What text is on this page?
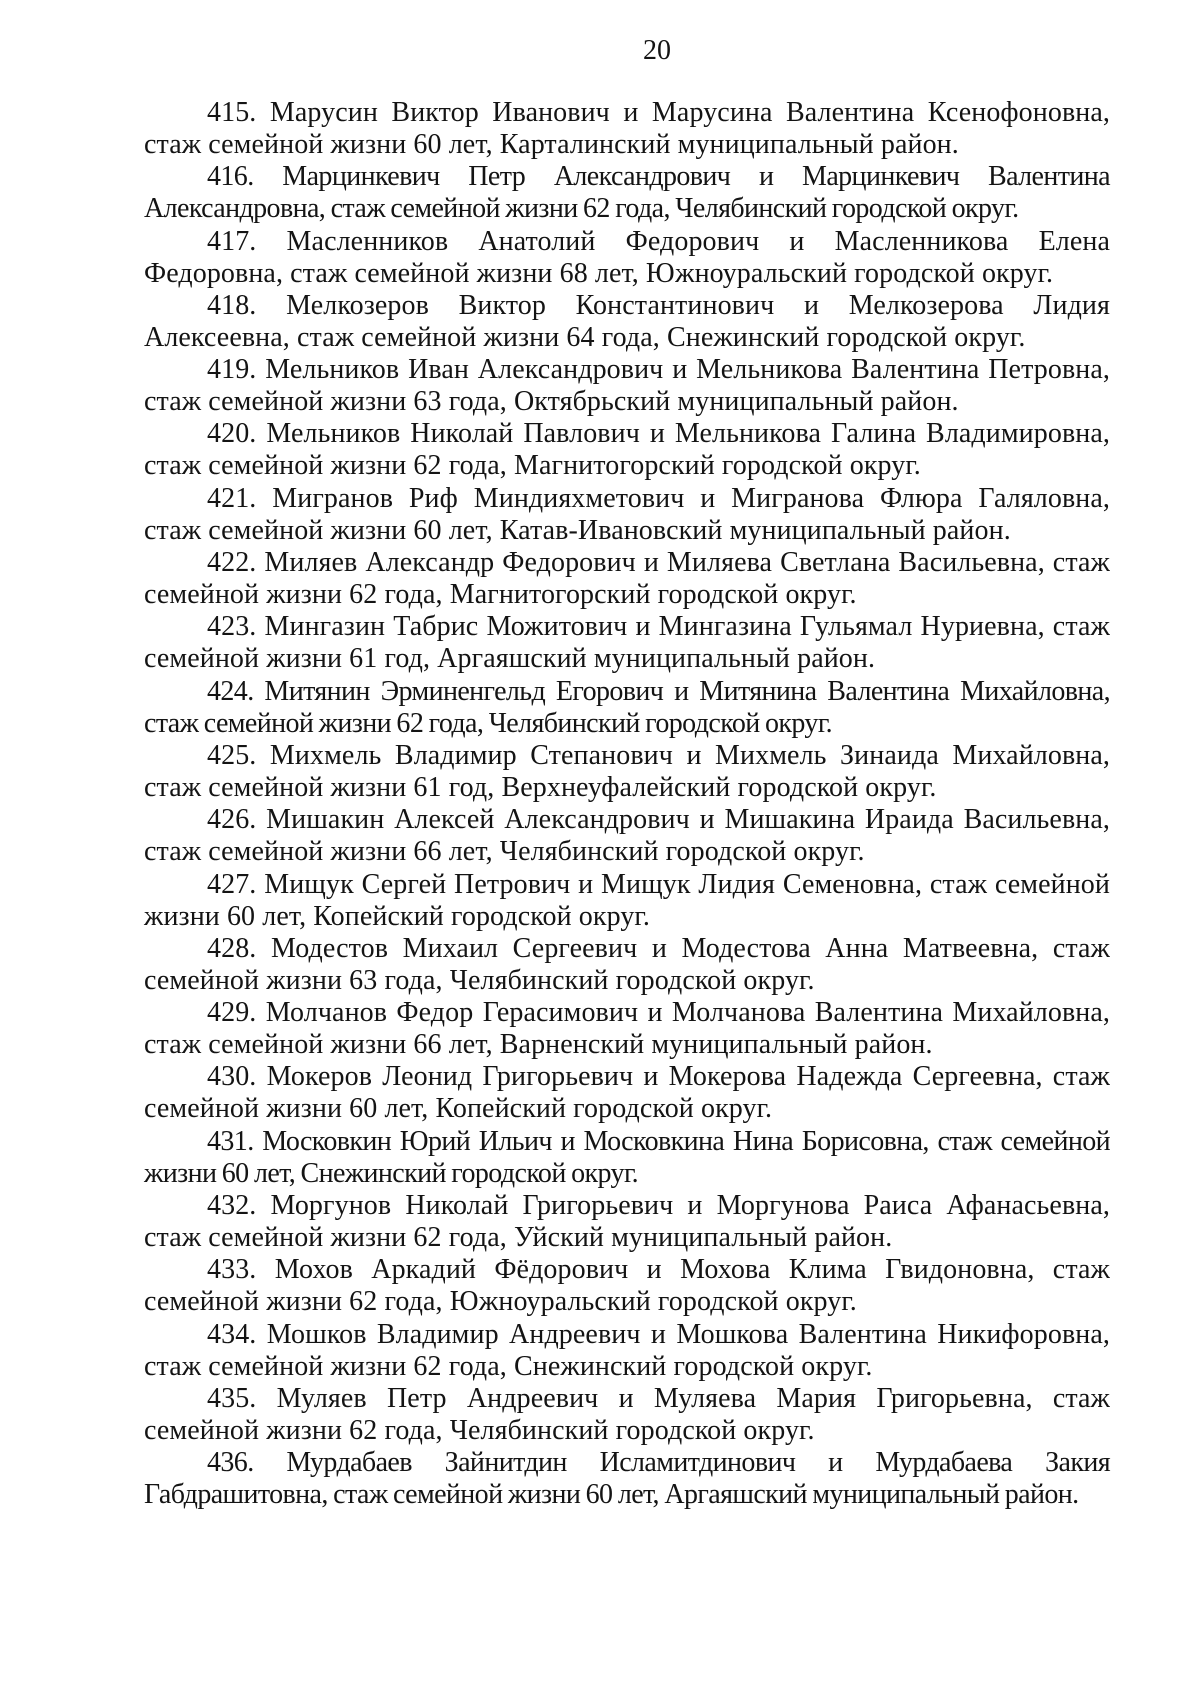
20

415. Марусин Виктор Иванович и Марусина Валентина Ксенофоновна, стаж семейной жизни 60 лет, Карталинский муниципальный район.

416. Марцинкевич Петр Александрович и Марцинкевич Валентина Александровна, стаж семейной жизни 62 года, Челябинский городской округ.

417. Масленников Анатолий Федорович и Масленникова Елена Федоровна, стаж семейной жизни 68 лет, Южноуральский городской округ.

418. Мелкозеров Виктор Константинович и Мелкозерова Лидия Алексеевна, стаж семейной жизни 64 года, Снежинский городской округ.

419. Мельников Иван Александрович и Мельникова Валентина Петровна, стаж семейной жизни 63 года, Октябрьский муниципальный район.

420. Мельников Николай Павлович и Мельникова Галина Владимировна, стаж семейной жизни 62 года, Магнитогорский городской округ.

421. Мигранов Риф Миндияхметович и Мигранова Флюра Галяловна, стаж семейной жизни 60 лет, Катав-Ивановский муниципальный район.

422. Миляев Александр Федорович и Миляева Светлана Васильевна, стаж семейной жизни 62 года, Магнитогорский городской округ.

423. Мингазин Табрис Можитович и Мингазина Гульямал Нуриевна, стаж семейной жизни 61 год, Аргаяшский муниципальный район.

424. Митянин Эрминенгельд Егорович и Митянина Валентина Михайловна, стаж семейной жизни 62 года, Челябинский городской округ.

425. Михмель Владимир Степанович и Михмель Зинаида Михайловна, стаж семейной жизни 61 год, Верхнеуфалейский городской округ.

426. Мишакин Алексей Александрович и Мишакина Ираида Васильевна, стаж семейной жизни 66 лет, Челябинский городской округ.

427. Мищук Сергей Петрович и Мищук Лидия Семеновна, стаж семейной жизни 60 лет, Копейский городской округ.

428. Модестов Михаил Сергеевич и Модестова Анна Матвеевна, стаж семейной жизни 63 года, Челябинский городской округ.

429. Молчанов Федор Герасимович и Молчанова Валентина Михайловна, стаж семейной жизни 66 лет, Варненский муниципальный район.

430. Мокеров Леонид Григорьевич и Мокерова Надежда Сергеевна, стаж семейной жизни 60 лет, Копейский городской округ.

431. Московкин Юрий Ильич и Московкина Нина Борисовна, стаж семейной жизни 60 лет, Снежинский городской округ.

432. Моргунов Николай Григорьевич и Моргунова Раиса Афанасьевна, стаж семейной жизни 62 года, Уйский муниципальный район.

433. Мохов Аркадий Фёдорович и Мохова Клима Гвидоновна, стаж семейной жизни 62 года, Южноуральский городской округ.

434. Мошков Владимир Андреевич и Мошкова Валентина Никифоровна, стаж семейной жизни 62 года, Снежинский городской округ.

435. Муляев Петр Андреевич и Муляева Мария Григорьевна, стаж семейной жизни 62 года, Челябинский городской округ.

436. Мурдабаев Зайнитдин Исламитдинович и Мурдабаева Закия Габдрашитовна, стаж семейной жизни 60 лет, Аргаяшский муниципальный район.
